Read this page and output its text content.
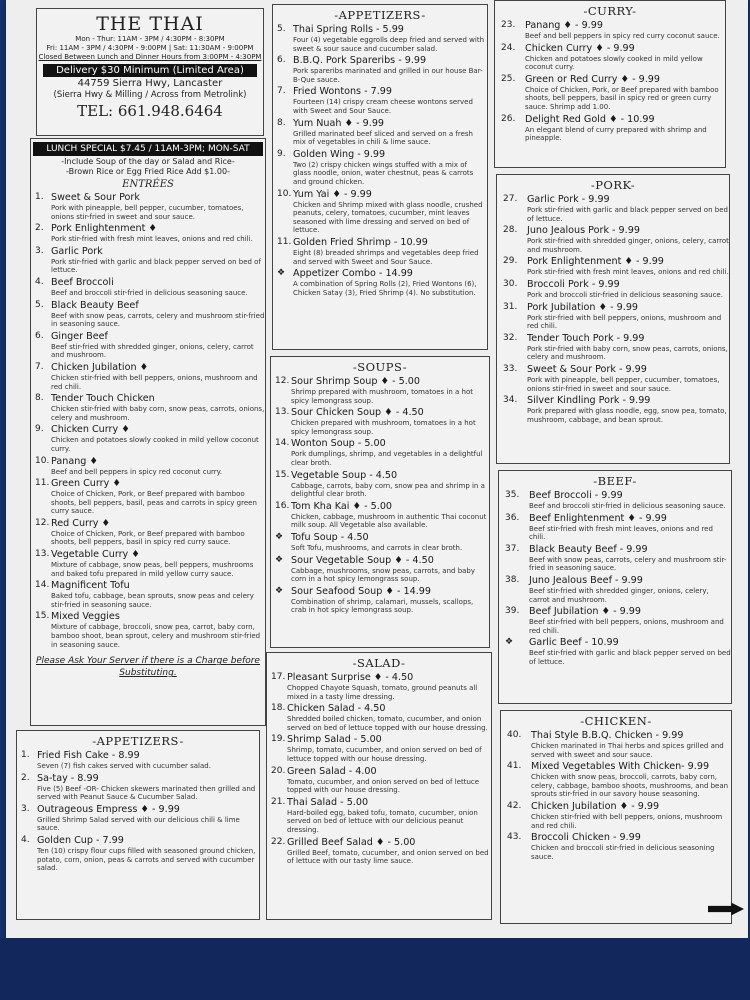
THE THAI
Mon - Thur: 11AM - 3PM / 4:30PM - 8:30PM
Fri: 11AM - 3PM / 4:30PM - 9:00PM | Sat: 11:30AM - 9:00PM
Closed Between Lunch and Dinner Hours from 3:00PM - 4:30PM
Delivery $30 Minimum (Limited Area)
44759 Sierra Hwy, Lancaster
(Sierra Hwy & Milling / Across from Metrolink)
TEL: 661.948.6464
LUNCH SPECIAL $7.45 / 11AM-3PM; MON-SAT
-Include Soup of the day or Salad and Rice-
-Brown Rice or Egg Fried Rice Add $1.00-
ENTRÉES
1. Sweet & Sour Pork
Pork with pineapple, bell pepper, cucumber, tomatoes, onions stir-fried in sweet and sour sauce.
2. Pork Enlightenment ♦
Pork stir-fried with fresh mint leaves, onions and red chili.
3. Garlic Pork
Pork stir-fried with garlic and black pepper served on bed of lettuce.
4. Beef Broccoli
Beef and broccoli stir-fried in delicious seasoning sauce.
5. Black Beauty Beef
Beef with snow peas, carrots, celery and mushroom stir-fried in seasoning sauce.
6. Ginger Beef
Beef stir-fried with shredded ginger, onions, celery, carrot and mushroom.
7. Chicken Jubilation ♦
Chicken stir-fried with bell peppers, onions, mushroom and red chili.
8. Tender Touch Chicken
Chicken stir-fried with baby corn, snow peas, carrots, onions, celery and mushroom.
9. Chicken Curry ♦
Chicken and potatoes slowly cooked in mild yellow coconut curry.
10. Panang ♦
Beef and bell peppers in spicy red coconut curry.
11. Green Curry ♦
Choice of Chicken, Pork, or Beef prepared with bamboo shoots, bell peppers, basil, peas and carrots in spicy green curry sauce.
12. Red Curry ♦
Choice of Chicken, Pork, or Beef prepared with bamboo shoots, bell peppers, basil in spicy red curry sauce.
13. Vegetable Curry ♦
Mixture of cabbage, snow peas, bell peppers, mushrooms and baked tofu prepared in mild yellow curry sauce.
14. Magnificent Tofu
Baked tofu, cabbage, bean sprouts, snow peas and celery stir-fried in seasoning sauce.
15. Mixed Veggies
Mixture of cabbage, broccoli, snow pea, carrot, baby corn, bamboo shoot, bean sprout, celery and mushroom stir-fried in seasoning sauce.
Please Ask Your Server if there is a Charge before Substituting.
-APPETIZERS-
1. Fried Fish Cake - 8.99
Seven (7) fish cakes served with cucumber salad.
2. Sa-tay - 8.99
Five (5) Beef -OR- Chicken skewers marinated then grilled and served with Peanut Sauce & Cucumber Salad.
3. Outrageous Empress ♦ - 9.99
Grilled Shrimp Salad served with our delicious chili & lime sauce.
4. Golden Cup - 7.99
Ten (10) crispy flour cups filled with seasoned ground chicken, potato, corn, onion, peas & carrots and served with cucumber salad.
-APPETIZERS-
5. Thai Spring Rolls - 5.99
Four (4) vegetable eggrolls deep fried and served with sweet & sour sauce and cucumber salad.
6. B.B.Q. Pork Spareribs - 9.99
Pork spareribs marinated and grilled in our house Bar-B-Que sauce.
7. Fried Wontons - 7.99
Fourteen (14) crispy cream cheese wontons served with Sweet and Sour Sauce.
8. Yum Nuah ♦ - 9.99
Grilled marinated beef sliced and served on a fresh mix of vegetables in chili & lime sauce.
9. Golden Wing - 9.99
Two (2) crispy chicken wings stuffed with a mix of glass noodle, onion, water chestnut, peas & carrots and ground chicken.
10. Yum Yai ♦ - 9.99
Chicken and Shrimp mixed with glass noodle, crushed peanuts, celery, tomatoes, cucumber, mint leaves seasoned with lime dressing and served on bed of lettuce.
11. Golden Fried Shrimp - 10.99
Eight (8) breaded shrimps and vegetables deep fried and served with Sweet and Sour Sauce.
❖ Appetizer Combo - 14.99
A combination of Spring Rolls (2), Fried Wontons (6), Chicken Satay (3), Fried Shrimp (4). No substitution.
-SOUPS-
12. Sour Shrimp Soup ♦ - 5.00
Shrimp prepared with mushroom, tomatoes in a hot spicy lemongrass soup.
13. Sour Chicken Soup ♦ - 4.50
Chicken prepared with mushroom, tomatoes in a hot spicy lemongrass soup.
14. Wonton Soup - 5.00
Pork dumplings, shrimp, and vegetables in a delightful clear broth.
15. Vegetable Soup - 4.50
Cabbage, carrots, baby corn, snow pea and shrimp in a delightful clear broth.
16. Tom Kha Kai ♦ - 5.00
Chicken, cabbage, mushroom in authentic Thai coconut milk soup. All Vegetable also available.
❖ Tofu Soup - 4.50
Soft Tofu, mushrooms, and carrots in clear broth.
❖ Sour Vegetable Soup ♦ - 4.50
Cabbage, mushrooms, snow peas, carrots, and baby corn in a hot spicy lemongrass soup.
❖ Sour Seafood Soup ♦ - 14.99
Combination of shrimp, calamari, mussels, scallops, crab in hot spicy lemongrass soup.
-SALAD-
17. Pleasant Surprise ♦ - 4.50
Chopped Chayote Squash, tomato, ground peanuts all mixed in a tasty lime dressing.
18. Chicken Salad - 4.50
Shredded boiled chicken, tomato, cucumber, and onion served on bed of lettuce topped with our house dressing.
19. Shrimp Salad - 5.00
Shrimp, tomato, cucumber, and onion served on bed of lettuce topped with our house dressing.
20. Green Salad - 4.00
Tomato, cucumber, and onion served on bed of lettuce topped with our house dressing.
21. Thai Salad - 5.00
Hard-boiled egg, baked tofu, tomato, cucumber, onion served on bed of lettuce with our delicious peanut dressing.
22. Grilled Beef Salad ♦ - 5.00
Grilled Beef, tomato, cucumber, and onion served on bed of lettuce with our tasty lime sauce.
-CURRY-
23. Panang ♦ - 9.99
Beef and bell peppers in spicy red curry coconut sauce.
24. Chicken Curry ♦ - 9.99
Chicken and potatoes slowly cooked in mild yellow coconut curry.
25. Green or Red Curry ♦ - 9.99
Choice of Chicken, Pork, or Beef prepared with bamboo shoots, bell peppers, basil in spicy red or green curry sauce. Shrimp add 1.00.
26. Delight Red Gold ♦ - 10.99
An elegant blend of curry prepared with shrimp and pineapple.
-PORK-
27. Garlic Pork - 9.99
Pork stir-fried with garlic and black pepper served on bed of lettuce.
28. Juno Jealous Pork - 9.99
Pork stir-fried with shredded ginger, onions, celery, carrot and mushroom.
29. Pork Enlightenment ♦ - 9.99
Pork stir-fried with fresh mint leaves, onions and red chili.
30. Broccoli Pork - 9.99
Pork and broccoli stir-fried in delicious seasoning sauce.
31. Pork Jubilation ♦ - 9.99
Pork stir-fried with bell peppers, onions, mushroom and red chili.
32. Tender Touch Pork - 9.99
Pork stir-fried with baby corn, snow peas, carrots, onions, celery and mushroom.
33. Sweet & Sour Pork - 9.99
Pork with pineapple, bell pepper, cucumber, tomatoes, onions stir-fried in sweet and sour sauce.
34. Silver Kindling Pork - 9.99
Pork prepared with glass noodle, egg, snow pea, tomato, mushroom, cabbage, and bean sprout.
-BEEF-
35. Beef Broccoli - 9.99
Beef and broccoli stir-fried in delicious seasoning sauce.
36. Beef Enlightenment ♦ - 9.99
Beef stir-fried with fresh mint leaves, onions and red chili.
37. Black Beauty Beef - 9.99
Beef with snow peas, carrots, celery and mushroom stir-fried in seasoning sauce.
38. Juno Jealous Beef - 9.99
Beef stir-fried with shredded ginger, onions, celery, carrot and mushroom.
39. Beef Jubilation ♦ - 9.99
Beef stir-fried with bell peppers, onions, mushroom and red chili.
❖ Garlic Beef - 10.99
Beef stir-fried with garlic and black pepper served on bed of lettuce.
-CHICKEN-
40. Thai Style B.B.Q. Chicken - 9.99
Chicken marinated in Thai herbs and spices grilled and served with sweet and sour sauce.
41. Mixed Vegetables With Chicken- 9.99
Chicken with snow peas, broccoli, carrots, baby corn, celery, cabbage, bamboo shoots, mushrooms, and bean sprouts stir-fried in our savory house seasoning.
42. Chicken Jubilation ♦ - 9.99
Chicken stir-fried with bell peppers, onions, mushroom and red chili.
43. Broccoli Chicken - 9.99
Chicken and broccoli stir-fried in delicious seasoning sauce.
